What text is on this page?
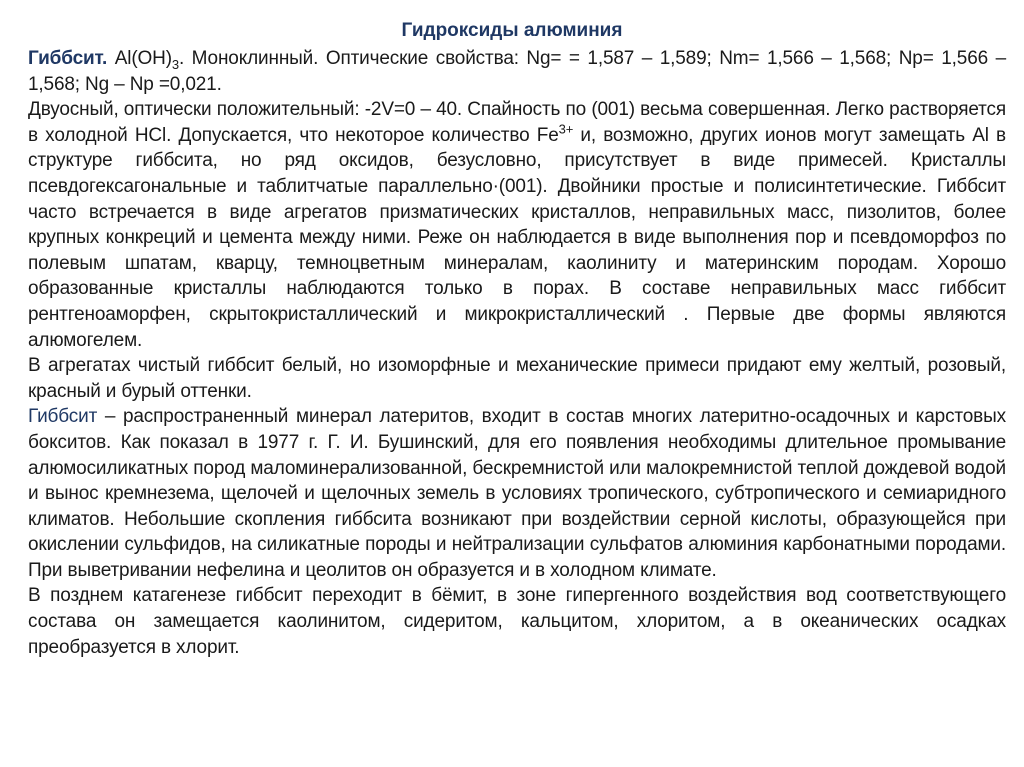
Гидроксиды алюминия

Гиббсит. $Al(OH)_3$. Моноклинный. Оптические свойства: Ng= = 1,587 – 1,589; Nm= 1,566 – 1,568; Np= 1,566 – 1,568; Ng – Np =0,021.

Двуосный, оптически положительный: -2V=0 – 40. Спайность по (001) весьма совершенная. Легко растворяется в холодной HCl. Допускается, что некоторое количество $Fe^{3+}$ и, возможно, других ионов могут замещать Al в структуре гиббсита, но ряд оксидов, безусловно, присутствует в виде примесей. Кристаллы псевдогексагональные и таблитчатые параллельно·(001). Двойники простые и полисинтетические. Гиббсит часто встречается в виде агрегатов призматических кристаллов, неправильных масс, пизолитов, более крупных конкреций и цемента между ними. Реже он наблюдается в виде выполнения пор и псевдоморфоз по полевым шпатам, кварцу, темноцветным минералам, каолиниту и материнским породам. Хорошо образованные кристаллы наблюдаются только в порах. В составе неправильных масс гиббсит рентгеноаморфен, скрытокристаллический и микрокристаллический . Первые две формы являются алюмогелем.

В агрегатах чистый гиббсит белый, но изоморфные и механические примеси придают ему желтый, розовый, красный и бурый оттенки.

Гиббсит – распространенный минерал латеритов, входит в состав многих латеритно-осадочных и карстовых бокситов. Как показал в 1977 г. Г. И. Бушинский, для его появления необходимы длительное промывание алюмосиликатных пород маломинерализованной, бескремнистой или малокремнистой теплой дождевой водой и вынос кремнезема, щелочей и щелочных земель в условиях тропического, субтропического и семиаридного климатов. Небольшие скопления гиббсита возникают при воздействии серной кислоты, образующейся при окислении сульфидов, на силикатные породы и нейтрализации сульфатов алюминия карбонатными породами. При выветривании нефелина и цеолитов он образуется и в холодном климате.

В позднем катагенезе гиббсит переходит в бёмит, в зоне гипергенного воздействия вод соответствующего состава он замещается каолинитом, сидеритом, кальцитом, хлоритом, а в океанических осадках преобразуется в хлорит.
